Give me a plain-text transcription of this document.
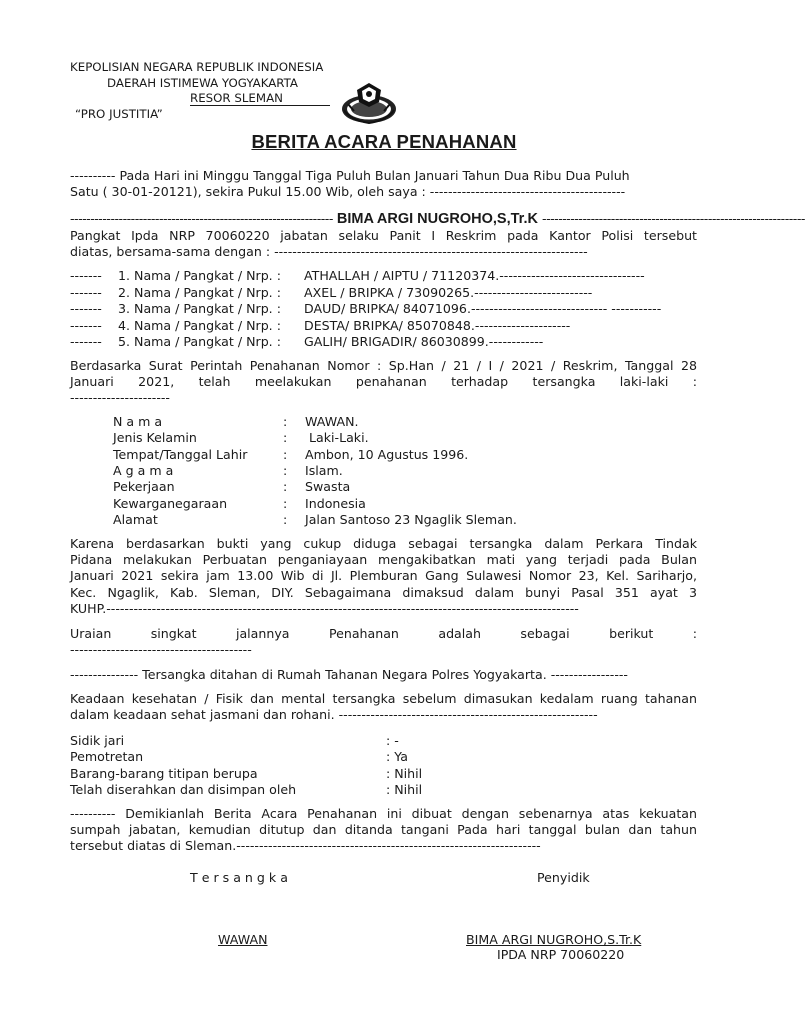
KEPOLISIAN NEGARA REPUBLIK INDONESIA
DAERAH ISTIMEWA YOGYAKARTA
RESOR SLEMAN
“PRO JUSTITIA”
BERITA ACARA PENAHANAN
---------- Pada Hari ini Minggu Tanggal Tiga Puluh Bulan Januari Tahun Dua Ribu Dua Puluh
Satu ( 30-01-20121), sekira Pukul 15.00 Wib, oleh saya : -------------------------------------------
----------------------------------------------------------------- BIMA ARGI NUGROHO,S,Tr.K -----------------------------------------------------------------
Pangkat Ipda NRP 70060220 jabatan selaku Panit I Reskrim pada Kantor Polisi tersebut
diatas, bersama-sama dengan : ---------------------------------------------------------------------
------- 1. Nama / Pangkat / Nrp. : ATHALLAH / AIPTU / 71120374.--------------------------------
------- 2. Nama / Pangkat / Nrp. : AXEL / BRIPKA / 73090265.--------------------------
------- 3. Nama / Pangkat / Nrp. : DAUD/ BRIPKA/ 84071096.------------------------------ -----------
------- 4. Nama / Pangkat / Nrp. : DESTA/ BRIPKA/ 85070848.---------------------
------- 5. Nama / Pangkat / Nrp. : GALIH/ BRIGADIR/ 86030899.------------
Berdasarka Surat Perintah Penahanan Nomor : Sp.Han / 21 / I / 2021 / Reskrim, Tanggal 28
Januari 2021, telah meelakukan penahanan terhadap tersangka laki-laki :
----------------------
N a m a	: WAWAN.
Jenis Kelamin	: Laki-Laki.
Tempat/Tanggal Lahir	: Ambon, 10 Agustus 1996.
A g a m a	: Islam.
Pekerjaan	: Swasta
Kewarganegaraan	: Indonesia
Alamat	: Jalan Santoso 23 Ngaglik Sleman.
Karena berdasarkan bukti yang cukup diduga sebagai tersangka dalam Perkara Tindak
Pidana melakukan Perbuatan penganiayaan mengakibatkan mati yang terjadi pada Bulan
Januari 2021 sekira jam 13.00 Wib di Jl. Plemburan Gang Sulawesi Nomor 23, Kel. Sariharjo,
Kec. Ngaglik, Kab. Sleman, DIY. Sebagaimana dimaksud dalam bunyi Pasal 351 ayat 3
KUHP.--------------------------------------------------------------------------------------------------------
Uraian singkat jalannya Penahanan adalah sebagai berikut :
----------------------------------------
--------------- Tersangka ditahan di Rumah Tahanan Negara Polres Yogyakarta. -----------------
Keadaan kesehatan / Fisik dan mental tersangka sebelum dimasukan kedalam ruang tahanan
dalam keadaan sehat jasmani dan rohani. ---------------------------------------------------------
Sidik jari	: -
Pemotretan	: Ya
Barang-barang titipan berupa	: Nihil
Telah diserahkan dan disimpan oleh	: Nihil
---------- Demikianlah Berita Acara Penahanan ini dibuat dengan sebenarnya atas kekuatan
sumpah jabatan, kemudian ditutup dan ditanda tangani Pada hari tanggal bulan dan tahun
tersebut diatas di Sleman.-------------------------------------------------------------------
T e r s a n g k a	Penyidik
WAWAN	BIMA ARGI NUGROHO,S.Tr.K
IPDA NRP 70060220
